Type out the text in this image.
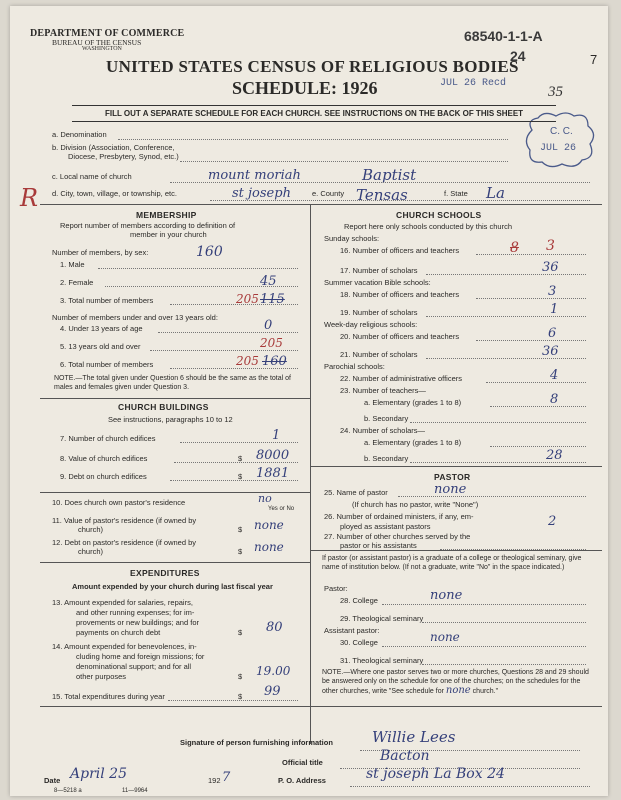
DEPARTMENT OF COMMERCE
BUREAU OF THE CENSUS
WASHINGTON
UNITED STATES CENSUS OF RELIGIOUS BODIES
SCHEDULE: 1926
68540-1-1-A
24	7
JUL 26 Recd
35
C. C.
JUL 26
FILL OUT A SEPARATE SCHEDULE FOR EACH CHURCH. SEE INSTRUCTIONS ON THE BACK OF THIS SHEET
R
a. Denomination
b. Division (Association, Conference,
Diocese, Presbytery, Synod, etc.)
c. Local name of church	mount moriah	Baptist
d. City, town, village, or township, etc.	st joseph	e. County Tensas	f. State La
MEMBERSHIP
Report number of members according to definition of
member in your church
Number of members, by sex:	160
1. Male
2. Female	45
3. Total number of members	205 115
Number of members under and over 13 years old:
4. Under 13 years of age	0
5. 13 years old and over	205
6. Total number of members	205 160
NOTE.—The total given under Question 6 should be the same as the total of males and females given under Question 3.
CHURCH BUILDINGS
See instructions, paragraphs 10 to 12
7. Number of church edifices	1
8. Value of church edifices	$ 8000
9. Debt on church edifices	$ 1881
10. Does church own pastor's residence	no
Yes or No
11. Value of pastor's residence (if owned by
church)	$ none
12. Debt on pastor's residence (if owned by
church)	$ none
EXPENDITURES
Amount expended by your church during last fiscal year
13. Amount expended for salaries, repairs,
and other running expenses; for im-
provements or new buildings; and for
payments on church debt	$ 80
14. Amount expended for benevolences, in-
cluding home and foreign missions; for
denominational support; and for all
other purposes	$ 19.00
15. Total expenditures during year	$ 99
CHURCH SCHOOLS
Report here only schools conducted by this church
Sunday schools:
16. Number of officers and teachers	8 3
17. Number of scholars	36
Summer vacation Bible schools:
18. Number of officers and teachers	3
19. Number of scholars	1
Week-day religious schools:
20. Number of officers and teachers	6
21. Number of scholars	36
Parochial schools:
22. Number of administrative officers	4
23. Number of teachers—
a. Elementary (grades 1 to 8)	8
b. Secondary
24. Number of scholars—
a. Elementary (grades 1 to 8)
b. Secondary	28
PASTOR
25. Name of pastor	none
(If church has no pastor, write "None")
26. Number of ordained ministers, if any, em-
ployed as assistant pastors	2
27. Number of other churches served by the
pastor or his assistants
If pastor (or assistant pastor) is a graduate of a college or theological seminary, give name of institution below. (If not a graduate, write "No" in the space indicated.)
Pastor:
28. College	none
29. Theological seminary
Assistant pastor:
30. College	none
31. Theological seminary
NOTE.—Where one pastor serves two or more churches, Questions 28 and 29 should be answered only on the schedule for one of the churches; on the schedules for the other churches, write "See schedule for none church."
Signature of person furnishing information	Willie Lees
Official title	Bacton
Date April 25	192 7	P. O. Address	st joseph La Box 24
8—5218 a	11—9964
